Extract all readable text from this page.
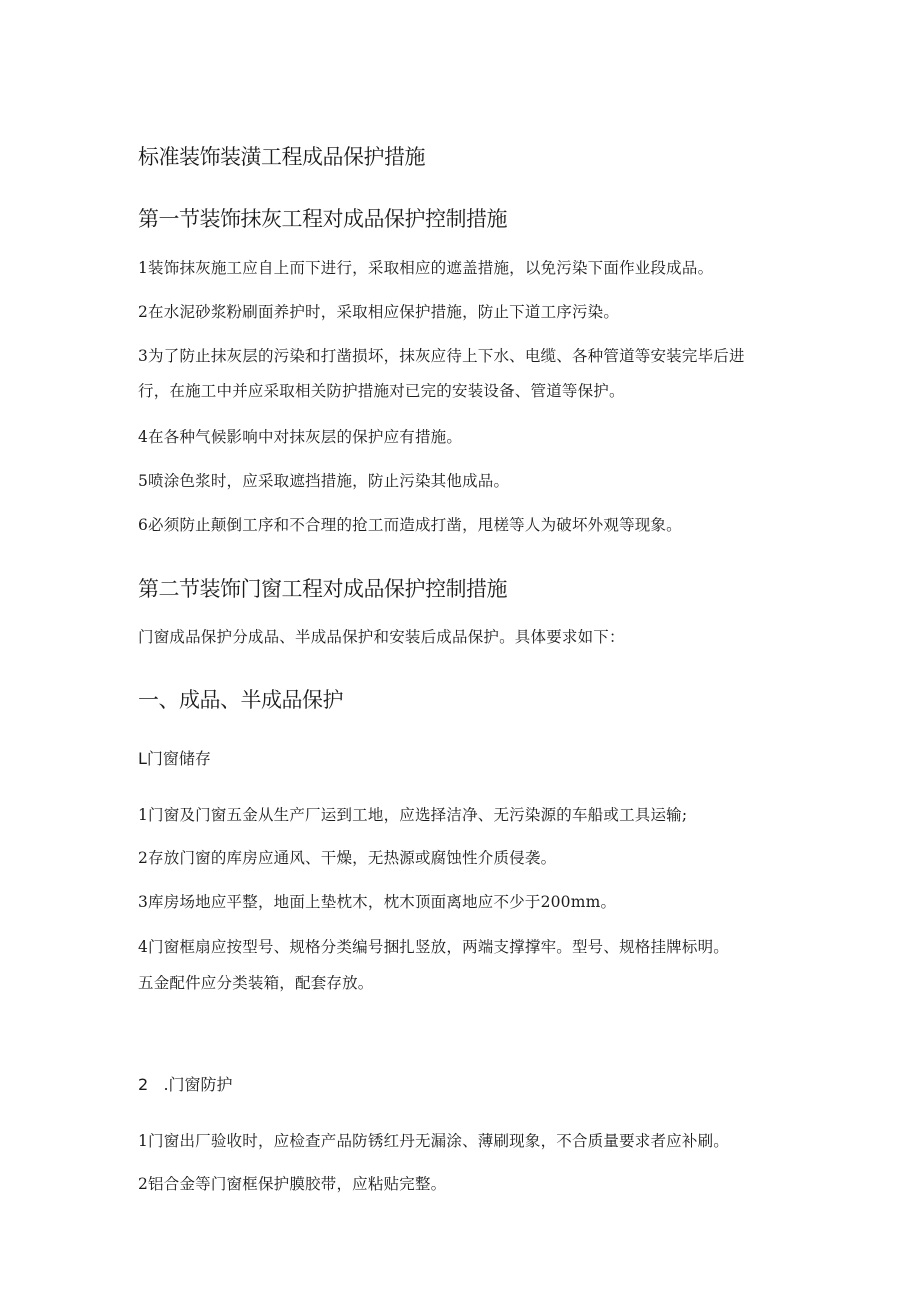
标准装饰装潢工程成品保护措施
第一节装饰抹灰工程对成品保护控制措施

1装饰抹灰施工应自上而下进行，采取相应的遮盖措施，以免污染下面作业段成品。

2在水泥砂浆粉刷面养护时，采取相应保护措施，防止下道工序污染。

3为了防止抹灰层的污染和打凿损坏，抹灰应待上下水、电缆、各种管道等安装完毕后进

行，在施工中并应采取相关防护措施对已完的安装设备、管道等保护。

4在各种气候影响中对抹灰层的保护应有措施。

5喷涂色浆时，应采取遮挡措施，防止污染其他成品。

6必须防止颠倒工序和不合理的抢工而造成打凿，甩槎等人为破坏外观等现象。

第二节装饰门窗工程对成品保护控制措施

门窗成品保护分成品、半成品保护和安装后成品保护。具体要求如下：

一、成品、半成品保护
L门窗储存

1门窗及门窗五金从生产厂运到工地，应选择洁净、无污染源的车船或工具运输;

2存放门窗的库房应通风、干燥，无热源或腐蚀性介质侵袭。

3库房场地应平整，地面上垫枕木，枕木顶面离地应不少于200mm。

4门窗框扇应按型号、规格分类编号捆扎竖放，两端支撑撑牢。型号、规格挂牌标明。

五金配件应分类装箱，配套存放。

2   .门窗防护

1门窗出厂验收时，应检查产品防锈红丹无漏涂、薄刷现象，不合质量要求者应补刷。

2铝合金等门窗框保护膜胶带，应粘贴完整。
